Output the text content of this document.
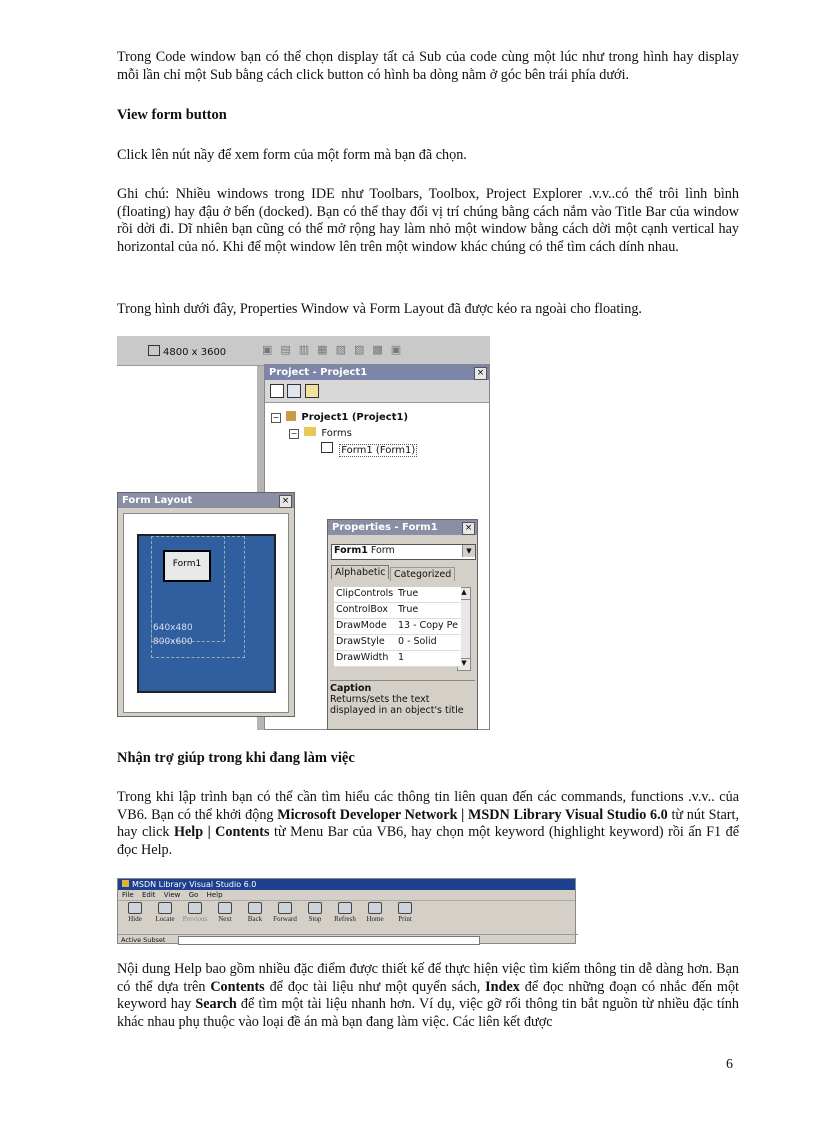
Trong Code window bạn có thể chọn display tất cả Sub của code cùng một lúc như trong hình hay display mỗi lần chỉ một Sub bằng cách click button có hình ba dòng nằm ở góc bên trái phía dưới.

View form button

Click lên nút nầy để xem form của một form mà bạn đã chọn.

Ghi chú: Nhiều windows trong IDE như Toolbars, Toolbox, Project Explorer .v.v..có thể trôi lình bình (floating) hay đậu ở bến (docked). Bạn có thể thay đổi vị trí chúng bằng cách nắm vào Title Bar của window rồi dời đi. Dĩ nhiên bạn cũng có thể mở rộng hay làm nhỏ một window bằng cách dời một cạnh vertical hay horizontal của nó. Khi để một window lên trên một window khác chúng có thể tìm cách dính nhau.

Trong hình dưới đây, Properties Window và Form Layout đã được kéo ra ngoài cho floating.

4800 x 3600	▣▤▥▦▧▨▩▣
Project - Project1	×
− Project1 (Project1)
− Forms
Form1 (Form1)
Form Layout	×
Form1
640x480
800x600
Properties - Form1	×
Form1 Form	▼
Alphabetic Categorized
▲
▼
Caption
Returns/sets the text displayed in an object's title
ClipControls True
ControlBox True
DrawMode 13 - Copy Pe
DrawStyle 0 - Solid
DrawWidth 1

Nhận trợ giúp trong khi đang làm việc

Trong khi lập trình bạn có thể cần tìm hiểu các thông tin liên quan đến các commands, functions .v.v.. của VB6. Bạn có thể khởi động Microsoft Developer Network | MSDN Library Visual Studio 6.0 từ nút Start, hay click Help | Contents từ Menu Bar của VB6, hay chọn một keyword (highlight keyword) rồi ấn F1 để đọc Help.

MSDN Library Visual Studio 6.0
File Edit View Go Help
Active Subset
Hide	Locate	Previous	Next	Back	Forward	Stop	Refresh	Home	Print

Nội dung Help bao gồm nhiều đặc điểm được thiết kế để thực hiện việc tìm kiếm thông tin dễ dàng hơn. Bạn có thể dựa trên Contents để đọc tài liệu như một quyển sách, Index để đọc những đoạn có nhắc đến một keyword hay Search để tìm một tài liệu nhanh hơn. Ví dụ, việc gỡ rối thông tin bắt nguồn từ nhiều đặc tính khác nhau phụ thuộc vào loại đề án mà bạn đang làm việc. Các liên kết được

6
